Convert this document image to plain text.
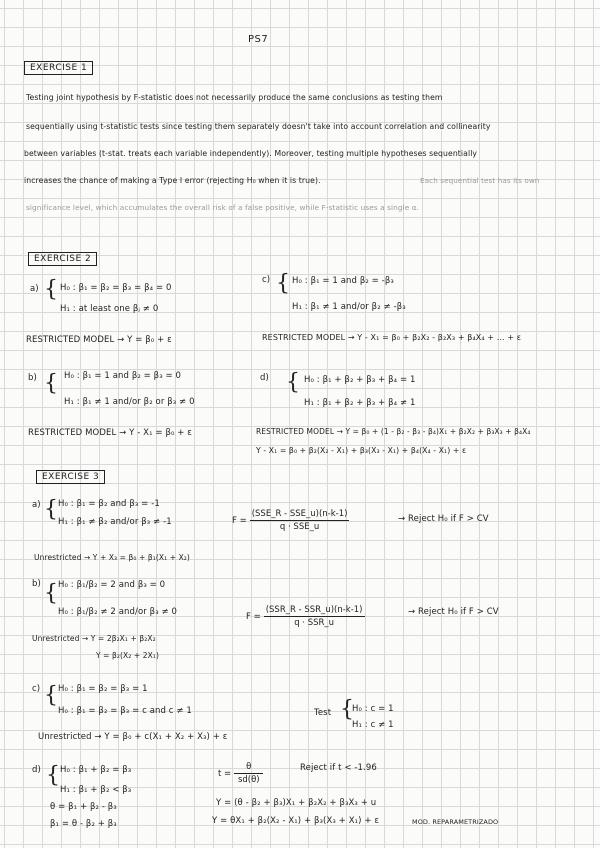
PS7
EXERCISE 1
Testing joint hypothesis by F-statistic does not necessarily produce the same conclusions as testing them
sequentially using t-statistic tests since testing them separately doesn't take into account correlation and collinearity
between variables (t-stat. treats each variable independently). Moreover, testing multiple hypotheses sequentially
increases the chance of making a Type I error (rejecting H₀ when it is true).	Each sequential test has its own
significance level, which accumulates the overall risk of a false positive, while F-statistic uses a single α.
EXERCISE 2
a) { H₀ : β₁ = β₂ = β₃ = β₄ = 0
H₁ : at least one βⱼ ≠ 0
RESTRICTED MODEL → Y = β₀ + ε
c) { H₀ : β₁ = 1 and β₂ = -β₃
H₁ : β₁ ≠ 1 and/or β₂ ≠ -β₃
RESTRICTED MODEL → Y - X₁ = β₀ + β₂X₂ - β₂X₃ + β₄X₄ + ... + ε
b) { H₀ : β₁ = 1 and β₂ = β₃ = 0
H₁ : β₁ ≠ 1 and/or β₂ or β₃ ≠ 0
RESTRICTED MODEL → Y - X₁ = β₀ + ε
d) { H₀ : β₁ + β₂ + β₃ + β₄ = 1
H₁ : β₁ + β₂ + β₃ + β₄ ≠ 1
RESTRICTED MODEL → Y = β₀ + (1 - β₂ - β₃ - β₄)X₁ + β₂X₂ + β₃X₃ + β₄X₄
Y - X₁ = β₀ + β₂(X₂ - X₁) + β₃(X₃ - X₁) + β₄(X₄ - X₁) + ε
EXERCISE 3
a) { H₀ : β₁ = β₂ and β₃ = -1
H₁ : β₁ ≠ β₂ and/or β₃ ≠ -1	$F = \frac{\text{(SSE\_R - SSE\_u)(n-k-1)}}{\text{q · SSE\_u}}$	→ Reject H₀ if F > CV
Unrestricted → Y + X₃ = β₀ + β₁(X₁ + X₂)
b) { H₀ : β₁/β₂ = 2 and β₃ = 0
H₀ : β₁/β₂ ≠ 2 and/or β₃ ≠ 0	$F = \frac{\text{(SSR\_R - SSR\_u)(n-k-1)}}{\text{q · SSR\_u}}$	→ Reject H₀ if F > CV
Unrestricted → Y = 2β₂X₁ + β₂X₂
Y = β₂(X₂ + 2X₁)
c) { H₀ : β₁ = β₂ = β₃ = 1
H₀ : β₁ = β₂ = β₃ = c and c ≠ 1	Test {
H₀ : c = 1
H₁ : c ≠ 1
Unrestricted → Y = β₀ + c(X₁ + X₂ + X₃) + ε
d) { H₀ : β₁ + β₂ = β₃
H₁ : β₁ + β₂ < β₃
θ = β₁ + β₂ - β₃
β₁ = θ - β₂ + β₃
$t = \frac{\theta}{sd(\theta)}$	Reject if t < -1.96
Y = (θ - β₂ + β₃)X₁ + β₂X₂ + β₃X₃ + u
Y = θX₁ + β₂(X₂ - X₁) + β₃(X₃ + X₁) + ε	MOD. REPARAMETRIZADO
